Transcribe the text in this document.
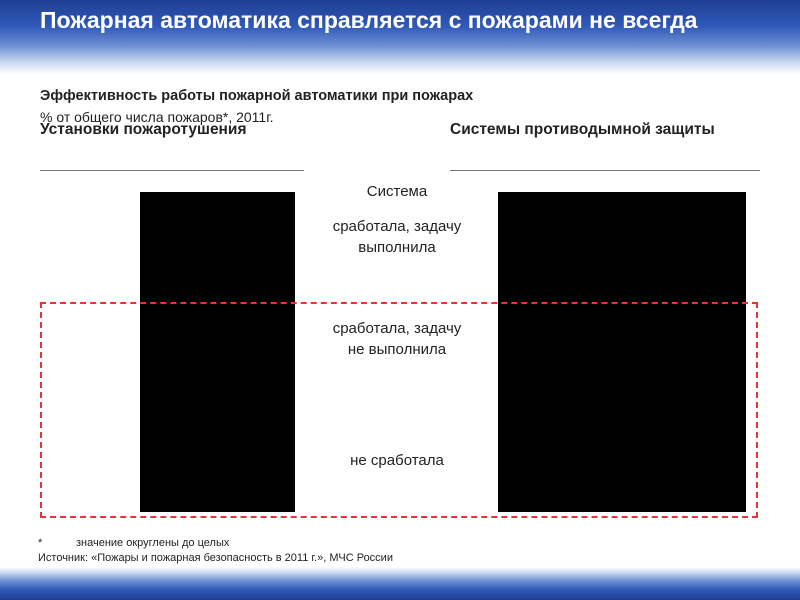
Пожарная автоматика справляется с пожарами не всегда
Эффективность работы пожарной автоматики при пожарах
% от общего числа пожаров*, 2011г.
Установки пожаротушения	Системы противодымной защиты
Система
сработала, задачу выполнила
сработала, задачу не выполнила
не сработала
*	значение округлены до целых
Источник: «Пожары и пожарная безопасность в 2011 г.», МЧС России
